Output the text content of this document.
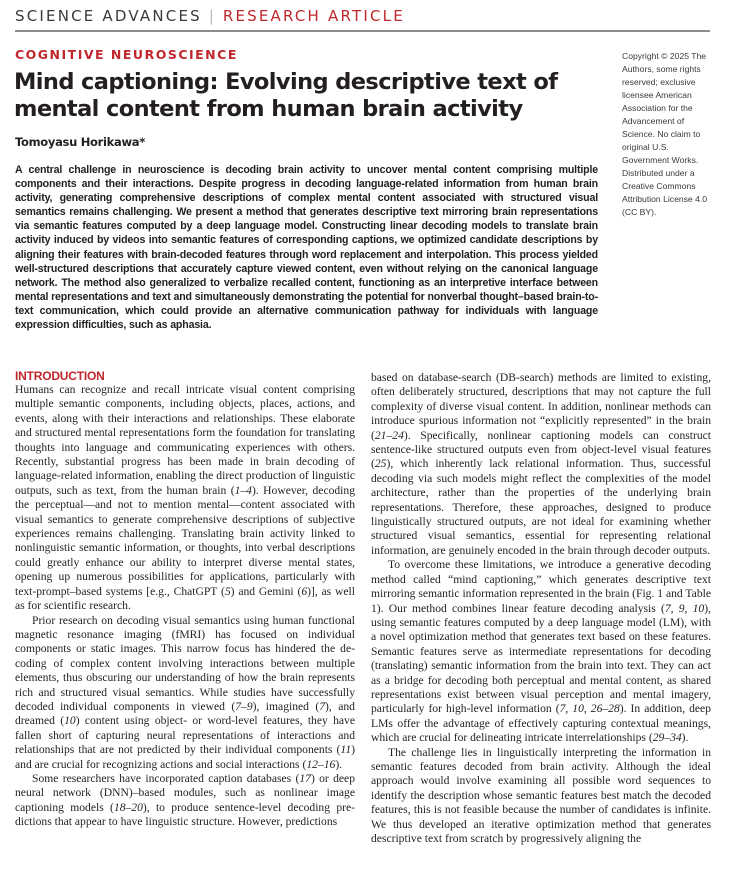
SCIENCE ADVANCES | RESEARCH ARTICLE
COGNITIVE NEUROSCIENCE
Mind captioning: Evolving descriptive text of mental content from human brain activity
Tomoyasu Horikawa*
Copyright © 2025 The Authors, some rights reserved; exclusive licensee American Association for the Advancement of Science. No claim to original U.S. Government Works. Distributed under a Creative Commons Attribution License 4.0 (CC BY).
A central challenge in neuroscience is decoding brain activity to uncover mental content comprising multiple components and their interactions. Despite progress in decoding language-related information from human brain activity, generating comprehensive descriptions of complex mental content associated with structured visual semantics remains challenging. We present a method that generates descriptive text mirroring brain representations via semantic features computed by a deep language model. Constructing linear decoding models to translate brain activity induced by videos into semantic features of corresponding captions, we optimized candidate descriptions by aligning their features with brain-decoded features through word replacement and interpolation. This process yielded well-structured descriptions that accurately capture viewed content, even without relying on the canonical language network. The method also generalized to verbalize recalled content, functioning as an interpretive interface between mental representations and text and simultaneously demonstrating the potential for nonverbal thought–based brain-to-text communication, which could provide an alternative communication pathway for individuals with language expression difficulties, such as aphasia.
INTRODUCTION

Humans can recognize and recall intricate visual content comprising multiple semantic components, including objects, places, actions, and events, along with their interactions and relationships. These elaborate and structured mental representations form the foundation for translating thoughts into language and communicating experiences with others. Recently, substantial progress has been made in brain decoding of language-related information, enabling the direct production of linguistic outputs, such as text, from the human brain (1–4). However, decoding the perceptual—and not to mention mental—content associated with visual semantics to generate comprehensive descriptions of subjective experiences remains challenging. Translating brain activity linked to nonlinguistic semantic information, or thoughts, into verbal descriptions could greatly enhance our ability to interpret diverse mental states, opening up numerous possibilities for applications, particularly with text-prompt–based systems [e.g., ChatGPT (5) and Gemini (6)], as well as for scientific research.

Prior research on decoding visual semantics using human functional magnetic resonance imaging (fMRI) has focused on individual components or static images. This narrow focus has hindered the decoding of complex content involving interactions between multiple elements, thus obscuring our understanding of how the brain represents rich and structured visual semantics. While studies have successfully decoded individual components in viewed (7–9), imagined (7), and dreamed (10) content using object- or word-level features, they have fallen short of capturing neural representations of interactions and relationships that are not predicted by their individual components (11) and are crucial for recognizing actions and social interactions (12–16).

Some researchers have incorporated caption databases (17) or deep neural network (DNN)–based modules, such as nonlinear image captioning models (18–20), to produce sentence-level decoding predictions that appear to have linguistic structure. However, predictions

based on database-search (DB-search) methods are limited to existing, often deliberately structured, descriptions that may not capture the full complexity of diverse visual content. In addition, nonlinear methods can introduce spurious information not “explicitly represented” in the brain (21–24). Specifically, nonlinear captioning models can construct sentence-like structured outputs even from object-level visual features (25), which inherently lack relational information. Thus, successful decoding via such models might reflect the complexities of the model architecture, rather than the properties of the underlying brain representations. Therefore, these approaches, designed to produce linguistically structured outputs, are not ideal for examining whether structured visual semantics, essential for representing relational information, are genuinely encoded in the brain through decoder outputs.

To overcome these limitations, we introduce a generative decoding method called “mind captioning,” which generates descriptive text mirroring semantic information represented in the brain (Fig. 1 and Table 1). Our method combines linear feature decoding analysis (7, 9, 10), using semantic features computed by a deep language model (LM), with a novel optimization method that generates text based on these features. Semantic features serve as intermediate representations for decoding (translating) semantic information from the brain into text. They can act as a bridge for decoding both perceptual and mental content, as shared representations exist between visual perception and mental imagery, particularly for high-level information (7, 10, 26–28). In addition, deep LMs offer the advantage of effectively capturing contextual meanings, which are crucial for delineating intricate interrelationships (29–34).

The challenge lies in linguistically interpreting the information in semantic features decoded from brain activity. Although the ideal approach would involve examining all possible word sequences to identify the description whose semantic features best match the decoded features, this is not feasible because the number of candidates is infinite. We thus developed an iterative optimization method that generates descriptive text from scratch by progressively aligning the
